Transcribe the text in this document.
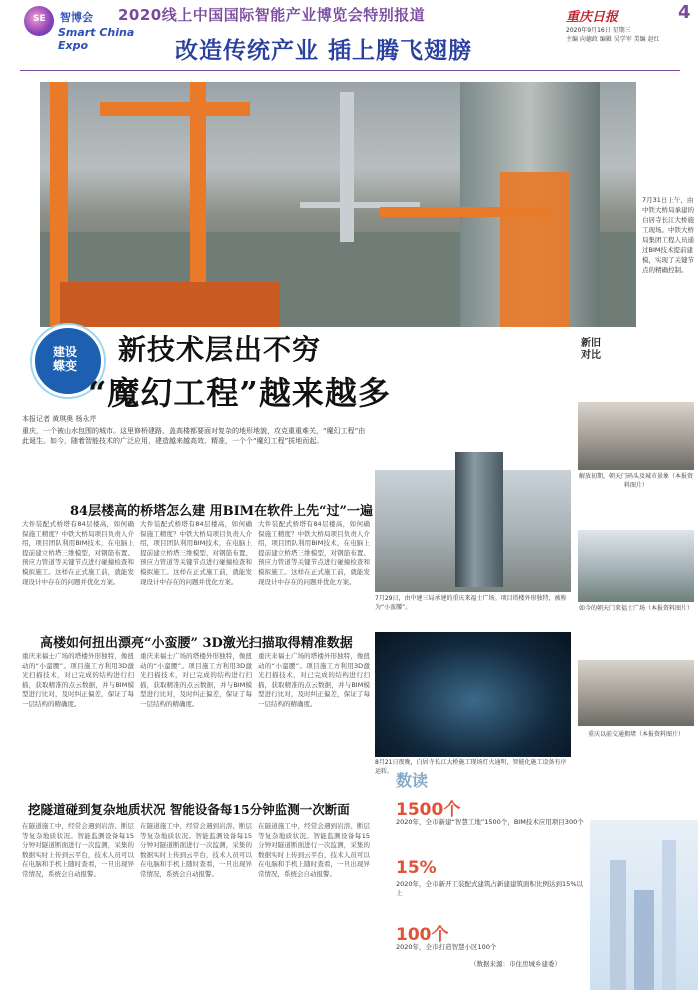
SE 智博会
Smart China
Expo
2020线上中国国际智能产业博览会特别报道
改造传统产业 插上腾飞翅膀
重庆日报	4
2020年9月16日 星期三
主编 向德政 编辑 吴学军 美编 赵红
7月31日上午，由中铁大桥局承建的白居寺长江大桥施工现场。中铁大桥局集团工程人员通过BIM技术提前建模，实现了关键节点的精确控制。
建设
蝶变	新技术层出不穷
“魔幻工程”越来越多
本报记者 黄琪奥 杨永芹
重庆，一个被山水包围的城市。这里修桥建路、盖高楼都要面对复杂的地形地貌，攻克重重难关，“魔幻工程”由此诞生。如今，随着智能技术的广泛应用，建造越来越高效、精准，一个个“魔幻工程”拔地而起。
新旧对比
解放初期，朝天门码头及城市景象（本报资料图片）
如今的朝天门来福士广场（本报资料图片）
重庆以前交通拥堵（本报资料图片）
84层楼高的桥塔怎么建 用BIM在软件上先“过”一遍
大件装配式桥塔有84层楼高，如何确保施工精度？中铁大桥局项目负责人介绍，项目团队利用BIM技术，在电脑上提前建立桥塔三维模型，对钢筋布置、预应力管道等关键节点进行碰撞检查和模拟施工。这样在正式施工前，就能发现设计中存在的问题并优化方案。
大件装配式桥塔有84层楼高，如何确保施工精度？中铁大桥局项目负责人介绍，项目团队利用BIM技术，在电脑上提前建立桥塔三维模型，对钢筋布置、预应力管道等关键节点进行碰撞检查和模拟施工。这样在正式施工前，就能发现设计中存在的问题并优化方案。
大件装配式桥塔有84层楼高，如何确保施工精度？中铁大桥局项目负责人介绍，项目团队利用BIM技术，在电脑上提前建立桥塔三维模型，对钢筋布置、预应力管道等关键节点进行碰撞检查和模拟施工。这样在正式施工前，就能发现设计中存在的问题并优化方案。
高楼如何扭出漂亮“小蛮腰” 3D激光扫描取得精准数据
重庆来福士广场的塔楼外形独特，像扭动的“小蛮腰”。项目施工方利用3D激光扫描技术，对已完成的结构进行扫描，获取精准的点云数据，并与BIM模型进行比对，及时纠正偏差，保证了每一层结构的精确度。
重庆来福士广场的塔楼外形独特，像扭动的“小蛮腰”。项目施工方利用3D激光扫描技术，对已完成的结构进行扫描，获取精准的点云数据，并与BIM模型进行比对，及时纠正偏差，保证了每一层结构的精确度。
重庆来福士广场的塔楼外形独特，像扭动的“小蛮腰”。项目施工方利用3D激光扫描技术，对已完成的结构进行扫描，获取精准的点云数据，并与BIM模型进行比对，及时纠正偏差，保证了每一层结构的精确度。
挖隧道碰到复杂地质状况 智能设备每15分钟监测一次断面
在隧道施工中，经常会遇到岩溶、断层等复杂地质状况。智能监测设备每15分钟对隧道断面进行一次监测，采集的数据实时上传到云平台，技术人员可以在电脑和手机上随时查看，一旦出现异常情况，系统会自动报警。
在隧道施工中，经常会遇到岩溶、断层等复杂地质状况。智能监测设备每15分钟对隧道断面进行一次监测，采集的数据实时上传到云平台，技术人员可以在电脑和手机上随时查看，一旦出现异常情况，系统会自动报警。
在隧道施工中，经常会遇到岩溶、断层等复杂地质状况。智能监测设备每15分钟对隧道断面进行一次监测，采集的数据实时上传到云平台，技术人员可以在电脑和手机上随时查看，一旦出现异常情况，系统会自动报警。
7月29日，由中建三局承建的重庆来福士广场。项目塔楼外形独特，被称为“小蛮腰”。
8月21日夜晚，白居寺长江大桥施工现场灯火通明，智能化施工设备有序运转。 数读
1500个
2020年，全市新建“智慧工地”1500个，BIM技术应用项目300个
15%
2020年，全市新开工装配式建筑占新建建筑面积比例达到15%以上
100个
2020年，全市打造智慧小区100个
（数据来源：市住房城乡建委）
